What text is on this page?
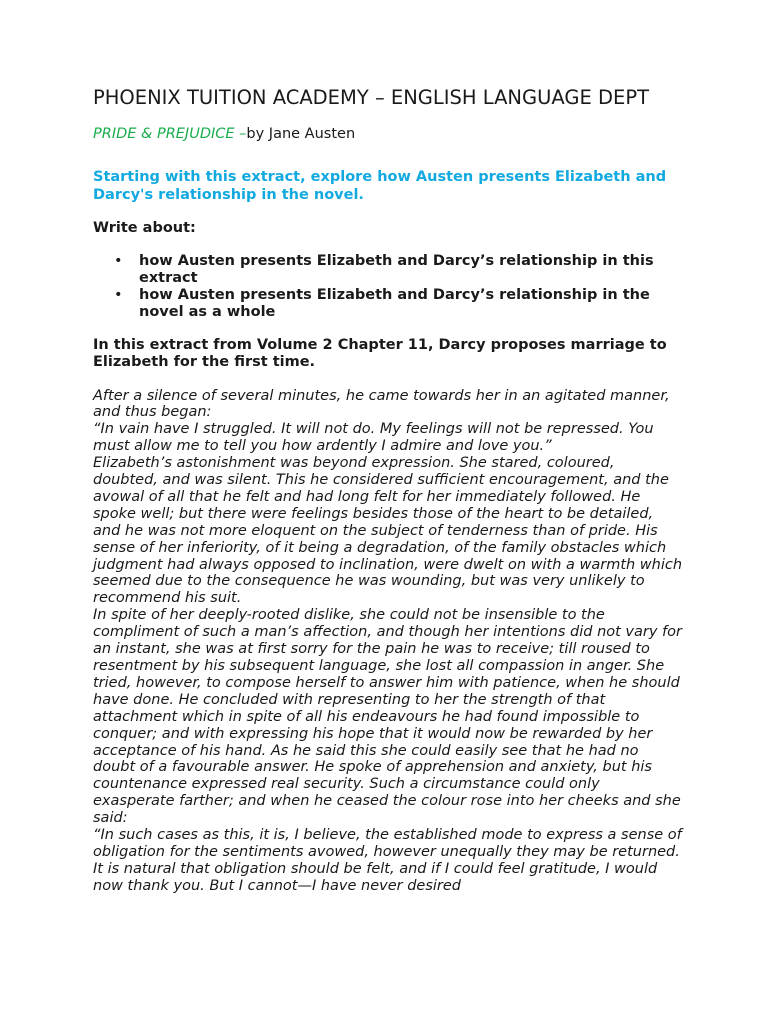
PHOENIX TUITION ACADEMY – ENGLISH LANGUAGE DEPT
PRIDE & PREJUDICE –by Jane Austen
Starting with this extract, explore how Austen presents Elizabeth and Darcy's relationship in the novel.
Write about:
• how Austen presents Elizabeth and Darcy’s relationship in this extract
• how Austen presents Elizabeth and Darcy’s relationship in the novel as a whole
In this extract from Volume 2 Chapter 11, Darcy proposes marriage to Elizabeth for the first time.

After a silence of several minutes, he came towards her in an agitated manner, and thus began:

“In vain have I struggled. It will not do. My feelings will not be repressed. You must allow me to tell you how ardently I admire and love you.”

Elizabeth’s astonishment was beyond expression. She stared, coloured, doubted, and was silent. This he considered sufficient encouragement, and the avowal of all that he felt and had long felt for her immediately followed. He spoke well; but there were feelings besides those of the heart to be detailed, and he was not more eloquent on the subject of tenderness than of pride. His sense of her inferiority, of it being a degradation, of the family obstacles which judgment had always opposed to inclination, were dwelt on with a warmth which seemed due to the consequence he was wounding, but was very unlikely to recommend his suit.

In spite of her deeply-rooted dislike, she could not be insensible to the compliment of such a man’s affection, and though her intentions did not vary for an instant, she was at first sorry for the pain he was to receive; till roused to resentment by his subsequent language, she lost all compassion in anger. She tried, however, to compose herself to answer him with patience, when he should have done. He concluded with representing to her the strength of that attachment which in spite of all his endeavours he had found impossible to conquer; and with expressing his hope that it would now be rewarded by her acceptance of his hand. As he said this she could easily see that he had no doubt of a favourable answer. He spoke of apprehension and anxiety, but his countenance expressed real security. Such a circumstance could only exasperate farther; and when he ceased the colour rose into her cheeks and she said:

“In such cases as this, it is, I believe, the established mode to express a sense of obligation for the sentiments avowed, however unequally they may be returned. It is natural that obligation should be felt, and if I could feel gratitude, I would now thank you. But I cannot—I have never desired
